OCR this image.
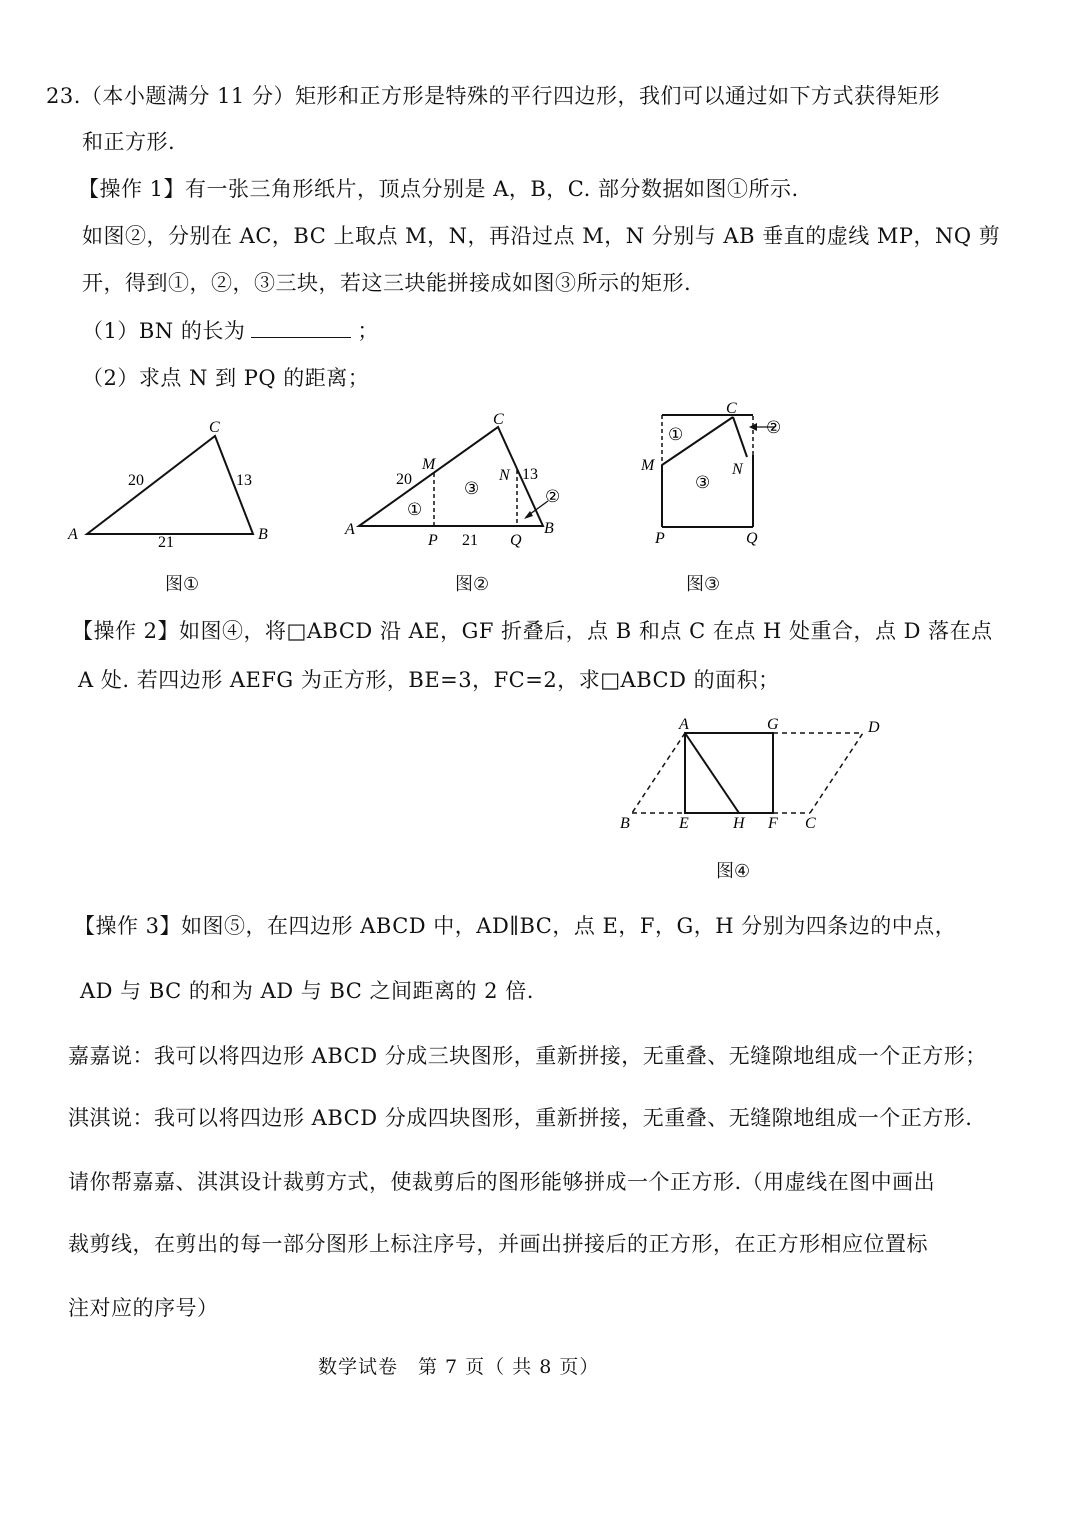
23.（本小题满分 11 分）矩形和正方形是特殊的平行四边形，我们可以通过如下方式获得矩形
和正方形.
【操作 1】有一张三角形纸片，顶点分别是 A，B，C. 部分数据如图①所示.
如图②，分别在 AC，BC 上取点 M，N，再沿过点 M，N 分别与 AB 垂直的虚线 MP，NQ 剪
开，得到①，②，③三块，若这三块能拼接成如图③所示的矩形.
（1）BN 的长为	；
（2）求点 N 到 PQ 的距离；
A	B
C
20	13
21
图①
A	B
C
M
N
P	Q
20	13
21
①
③	②
图②
C
M	N
P	Q
①
③
②
图③
【操作 2】如图④，将□ABCD 沿 AE，GF 折叠后，点 B 和点 C 在点 H 处重合，点 D 落在点
A 处. 若四边形 AEFG 为正方形，BE=3，FC=2，求□ABCD 的面积；
A	G	D
B	E	H F C
图④
【操作 3】如图⑤，在四边形 ABCD 中，AD∥BC，点 E，F，G，H 分别为四条边的中点，
AD 与 BC 的和为 AD 与 BC 之间距离的 2 倍.
嘉嘉说：我可以将四边形 ABCD 分成三块图形，重新拼接，无重叠、无缝隙地组成一个正方形；
淇淇说：我可以将四边形 ABCD 分成四块图形，重新拼接，无重叠、无缝隙地组成一个正方形.
请你帮嘉嘉、淇淇设计裁剪方式，使裁剪后的图形能够拼成一个正方形.（用虚线在图中画出
裁剪线，在剪出的每一部分图形上标注序号，并画出拼接后的正方形，在正方形相应位置标
注对应的序号）
数学试卷　第 7 页（ 共 8 页）
